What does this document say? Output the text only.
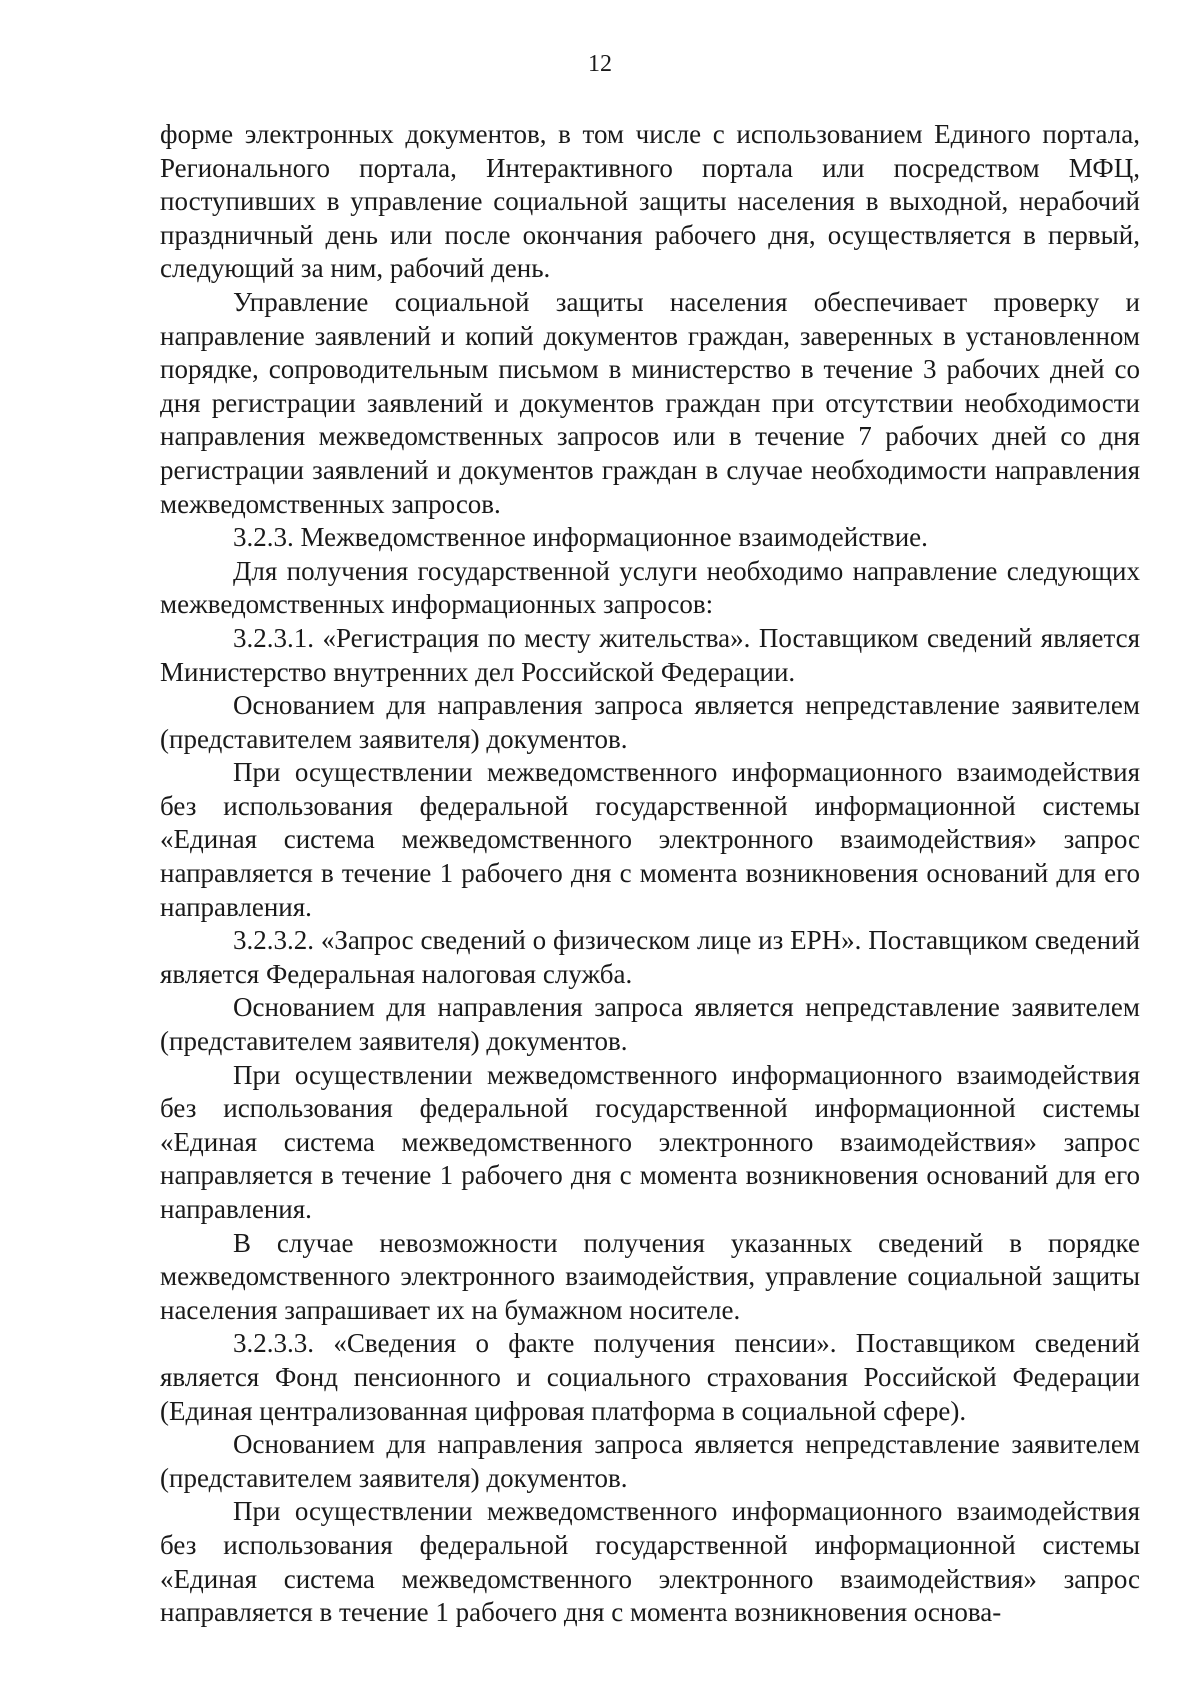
12

форме электронных документов, в том числе с использованием Единого портала, Регионального портала, Интерактивного портала или посредством МФЦ, поступивших в управление социальной защиты населения в выходной, нерабочий праздничный день или после окончания рабочего дня, осуществляется в первый, следующий за ним, рабочий день.

Управление социальной защиты населения обеспечивает проверку и направление заявлений и копий документов граждан, заверенных в установленном порядке, сопроводительным письмом в министерство в течение 3 рабочих дней со дня регистрации заявлений и документов граждан при отсутствии необходимости направления межведомственных запросов или в течение 7 рабочих дней со дня регистрации заявлений и документов граждан в случае необходимости направления межведомственных запросов.

3.2.3. Межведомственное информационное взаимодействие.

Для получения государственной услуги необходимо направление следующих межведомственных информационных запросов:

3.2.3.1. «Регистрация по месту жительства». Поставщиком сведений является Министерство внутренних дел Российской Федерации.

Основанием для направления запроса является непредставление заявителем (представителем заявителя) документов.

При осуществлении межведомственного информационного взаимодействия без использования федеральной государственной информационной системы «Единая система межведомственного электронного взаимодействия» запрос направляется в течение 1 рабочего дня с момента возникновения оснований для его направления.

3.2.3.2. «Запрос сведений о физическом лице из ЕРН». Поставщиком сведений является Федеральная налоговая служба.

Основанием для направления запроса является непредставление заявителем (представителем заявителя) документов.

При осуществлении межведомственного информационного взаимодействия без использования федеральной государственной информационной системы «Единая система межведомственного электронного взаимодействия» запрос направляется в течение 1 рабочего дня с момента возникновения оснований для его направления.

В случае невозможности получения указанных сведений в порядке межведомственного электронного взаимодействия, управление социальной защиты населения запрашивает их на бумажном носителе.

3.2.3.3. «Сведения о факте получения пенсии». Поставщиком сведений является Фонд пенсионного и социального страхования Российской Федерации (Единая централизованная цифровая платформа в социальной сфере).

Основанием для направления запроса является непредставление заявителем (представителем заявителя) документов.

При осуществлении межведомственного информационного взаимодействия без использования федеральной государственной информационной системы «Единая система межведомственного электронного взаимодействия» запрос направляется в течение 1 рабочего дня с момента возникновения основа-
